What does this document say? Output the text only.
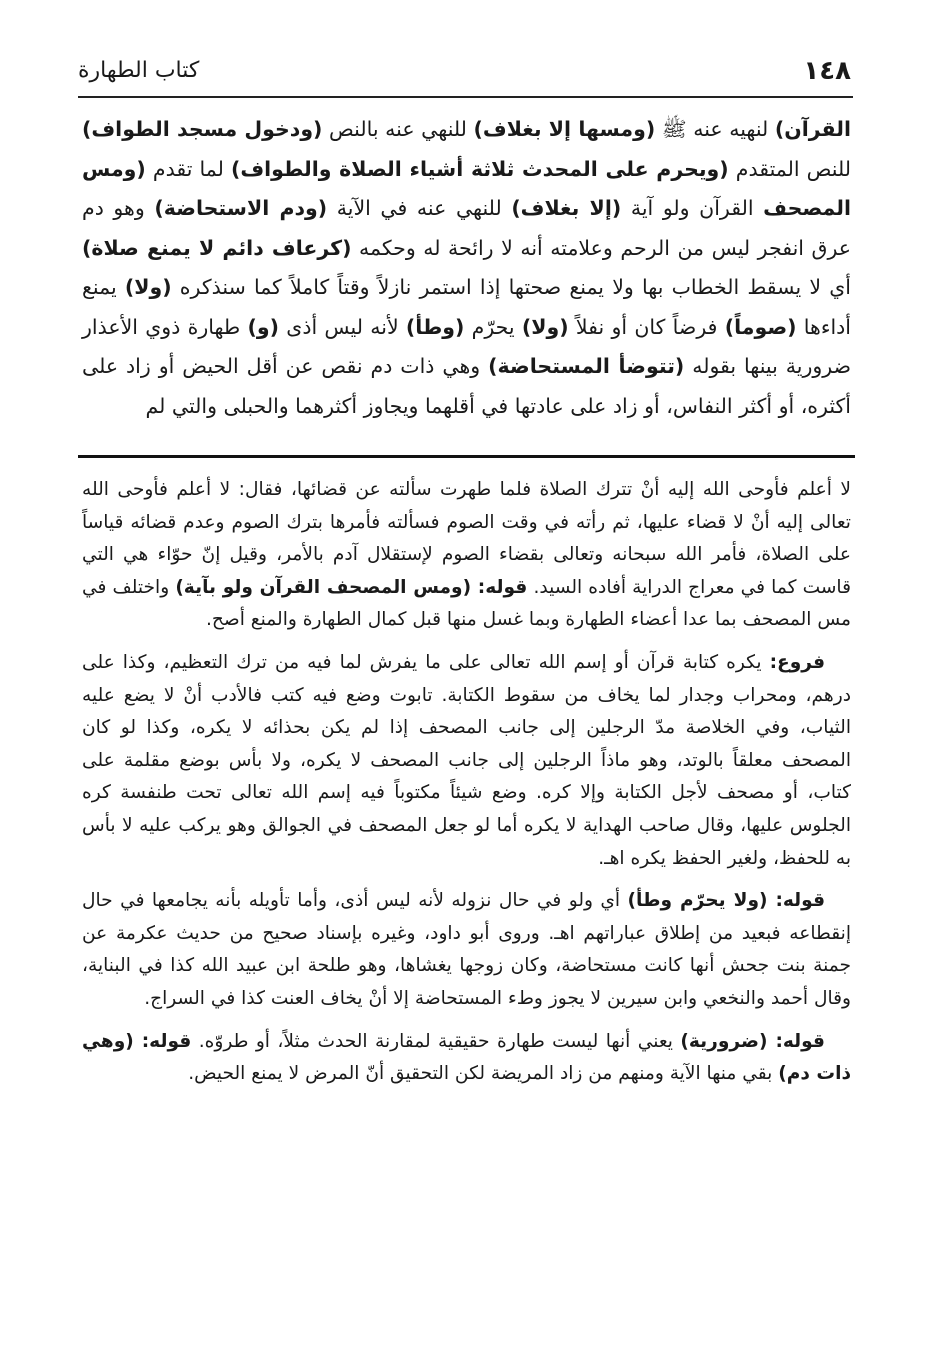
١٤٨
كتاب الطهارة
القرآن) لنهيه عنه ﷺ (ومسها إلا بغلاف) للنهي عنه بالنص (ودخول مسجد الطواف) للنص المتقدم (ويحرم على المحدث ثلاثة أشياء الصلاة والطواف) لما تقدم (ومس المصحف القرآن ولو آية (إلا بغلاف) للنهي عنه في الآية (ودم الاستحاضة) وهو دم عرق انفجر ليس من الرحم وعلامته أنه لا رائحة له وحكمه (كرعاف دائم لا يمنع صلاة) أي لا يسقط الخطاب بها ولا يمنع صحتها إذا استمر نازلاً وقتاً كاملاً كما سنذكره (ولا) يمنع أداءها (صوماً) فرضاً كان أو نفلاً (ولا) يحرّم (وطأ) لأنه ليس أذى (و) طهارة ذوي الأعذار ضرورية بينها بقوله (تتوضأ المستحاضة) وهي ذات دم نقص عن أقل الحيض أو زاد على أكثره، أو أكثر النفاس، أو زاد على عادتها في أقلهما ويجاوز أكثرهما والحبلى والتي لم

لا أعلم فأوحى الله إليه أنْ تترك الصلاة فلما طهرت سألته عن قضائها، فقال: لا أعلم فأوحى الله تعالى إليه أنْ لا قضاء عليها، ثم رأته في وقت الصوم فسألته فأمرها بترك الصوم وعدم قضائه قياساً على الصلاة، فأمر الله سبحانه وتعالى بقضاء الصوم لإستقلال آدم بالأمر، وقيل إنّ حوّاء هي التي قاست كما في معراج الدراية أفاده السيد. قوله: (ومس المصحف القرآن ولو بآية) واختلف في مس المصحف بما عدا أعضاء الطهارة وبما غسل منها قبل كمال الطهارة والمنع أصح.

فروع: يكره كتابة قرآن أو إسم الله تعالى على ما يفرش لما فيه من ترك التعظيم، وكذا على درهم، ومحراب وجدار لما يخاف من سقوط الكتابة. تابوت وضع فيه كتب فالأدب أنْ لا يضع عليه الثياب، وفي الخلاصة مدّ الرجلين إلى جانب المصحف إذا لم يكن بحذائه لا يكره، وكذا لو كان المصحف معلقاً بالوتد، وهو ماذاً الرجلين إلى جانب المصحف لا يكره، ولا بأس بوضع مقلمة على كتاب، أو مصحف لأجل الكتابة وإلا كره. وضع شيئاً مكتوباً فيه إسم الله تعالى تحت طنفسة كره الجلوس عليها، وقال صاحب الهداية لا يكره أما لو جعل المصحف في الجوالق وهو يركب عليه لا بأس به للحفظ، ولغير الحفظ يكره اهـ.

قوله: (ولا يحرّم وطأ) أي ولو في حال نزوله لأنه ليس أذى، وأما تأويله بأنه يجامعها في حال إنقطاعه فبعيد من إطلاق عباراتهم اهـ. وروى أبو داود، وغيره بإسناد صحيح من حديث عكرمة عن جمنة بنت جحش أنها كانت مستحاضة، وكان زوجها يغشاها، وهو طلحة ابن عبيد الله كذا في البناية، وقال أحمد والنخعي وابن سيرين لا يجوز وطء المستحاضة إلا أنْ يخاف العنت كذا في السراج.

قوله: (ضرورية) يعني أنها ليست طهارة حقيقية لمقارنة الحدث مثلاً، أو طروّه. قوله: (وهي ذات دم) بقي منها الآية ومنهم من زاد المريضة لكن التحقيق أنّ المرض لا يمنع الحيض.
